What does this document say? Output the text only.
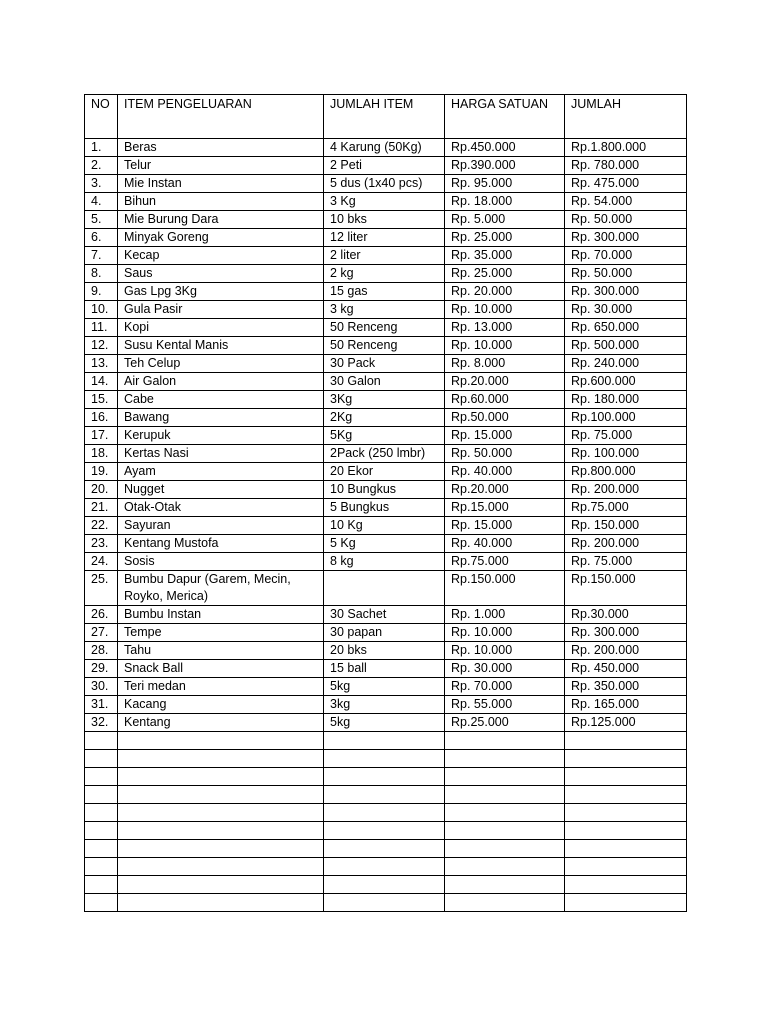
NO	ITEM PENGELUARAN	JUMLAH ITEM	HARGA SATUAN	JUMLAH
1.	Beras	4 Karung (50Kg)	Rp.450.000	Rp.1.800.000
2.	Telur	2 Peti	Rp.390.000	Rp. 780.000
3.	Mie Instan	5 dus (1x40 pcs)	Rp. 95.000	Rp. 475.000
4.	Bihun	3 Kg	Rp. 18.000	Rp. 54.000
5.	Mie Burung Dara	10 bks	Rp. 5.000	Rp. 50.000
6.	Minyak Goreng	12 liter	Rp. 25.000	Rp. 300.000
7.	Kecap	2 liter	Rp. 35.000	Rp. 70.000
8.	Saus	2 kg	Rp. 25.000	Rp. 50.000
9.	Gas Lpg 3Kg	15 gas	Rp. 20.000	Rp. 300.000
10.	Gula Pasir	3 kg	Rp. 10.000	Rp. 30.000
11.	Kopi	50 Renceng	Rp. 13.000	Rp. 650.000
12.	Susu Kental Manis	50 Renceng	Rp. 10.000	Rp. 500.000
13.	Teh Celup	30 Pack	Rp. 8.000	Rp. 240.000
14.	Air Galon	30 Galon	Rp.20.000	Rp.600.000
15.	Cabe	3Kg	Rp.60.000	Rp. 180.000
16.	Bawang	2Kg	Rp.50.000	Rp.100.000
17.	Kerupuk	5Kg	Rp. 15.000	Rp. 75.000
18.	Kertas Nasi	2Pack (250 lmbr)	Rp. 50.000	Rp. 100.000
19.	Ayam	20 Ekor	Rp. 40.000	Rp.800.000
20.	Nugget	10 Bungkus	Rp.20.000	Rp. 200.000
21.	Otak-Otak	5 Bungkus	Rp.15.000	Rp.75.000
22.	Sayuran	10 Kg	Rp. 15.000	Rp. 150.000
23.	Kentang Mustofa	5 Kg	Rp. 40.000	Rp. 200.000
24.	Sosis	8 kg	Rp.75.000	Rp. 75.000
25.	Bumbu Dapur (Garem, Mecin, Royko, Merica)		Rp.150.000	Rp.150.000
26.	Bumbu Instan	30 Sachet	Rp. 1.000	Rp.30.000
27.	Tempe	30 papan	Rp. 10.000	Rp. 300.000
28.	Tahu	20 bks	Rp. 10.000	Rp. 200.000
29.	Snack Ball	15 ball	Rp. 30.000	Rp. 450.000
30.	Teri medan	5kg	Rp. 70.000	Rp. 350.000
31.	Kacang	3kg	Rp. 55.000	Rp. 165.000
32.	Kentang	5kg	Rp.25.000	Rp.125.000
